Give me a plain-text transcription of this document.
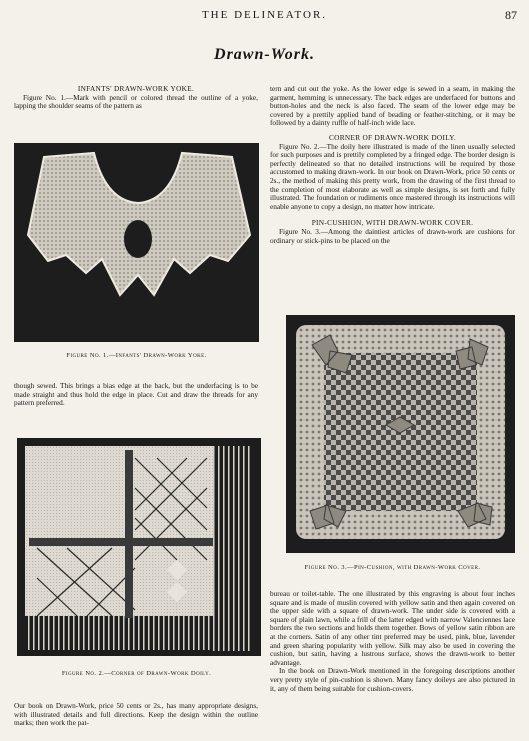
THE DELINEATOR.	87
Drawn-Work.

INFANTS' DRAWN-WORK YOKE.

Figure No. 1.—Mark with pencil or colored thread the outline of a yoke, lapping the shoulder seams of the pattern as

Figure No. 1.—Infants' Drawn-Work Yoke.

though sewed. This brings a bias edge at the back, but the underfacing is to be made straight and thus hold the edge in place. Cut and draw the threads for any pattern preferred.

Figure No. 2.—Corner of Drawn-Work Doily.

Our book on Drawn-Work, price 50 cents or 2s., has many appropriate designs, with illustrated details and full directions. Keep the design within the outline marks; then work the pat-

tern and cut out the yoke. As the lower edge is sewed in a seam, in making the garment, hemming is unnecessary. The back edges are underfaced for buttons and button-holes and the neck is also faced. The seam of the lower edge may be covered by a prettily applied band of beading or feather-stitching, or it may be followed by a dainty ruffle of half-inch wide lace.

CORNER OF DRAWN-WORK DOILY.

Figure No. 2.—The doily here illustrated is made of the linen usually selected for such purposes and is prettily completed by a fringed edge. The border design is perfectly delineated so that no detailed instructions will be required by those accustomed to making drawn-work. In our book on Drawn-Work, price 50 cents or 2s., the method of making this pretty work, from the drawing of the first thread to the completion of most elaborate as well as simple designs, is set forth and fully illustrated. The foundation or rudiments once mastered through its instructions will enable anyone to copy a design, no matter how intricate.

PIN-CUSHION, WITH DRAWN-WORK COVER.

Figure No. 3.—Among the daintiest articles of drawn-work are cushions for ordinary or stick-pins to be placed on the

Figure No. 3.—Pin-Cushion, with Drawn-Work Cover.

bureau or toilet-table. The one illustrated by this engraving is about four inches square and is made of muslin covered with yellow satin and then again covered on the upper side with a square of drawn-work. The under side is covered with a square of plain lawn, while a frill of the latter edged with narrow Valenciennes lace borders the two sections and holds them together. Bows of yellow satin ribbon are at the corners. Satin of any other tint preferred may be used, pink, blue, lavender and green sharing popularity with yellow. Silk may also be used in covering the cushion, but satin, having a lustrous surface, shows the drawn-work to better advantage.

In the book on Drawn-Work mentioned in the foregoing descriptions another very pretty style of pin-cushion is shown. Many fancy doileys are also pictured in it, any of them being suitable for cushion-covers.
